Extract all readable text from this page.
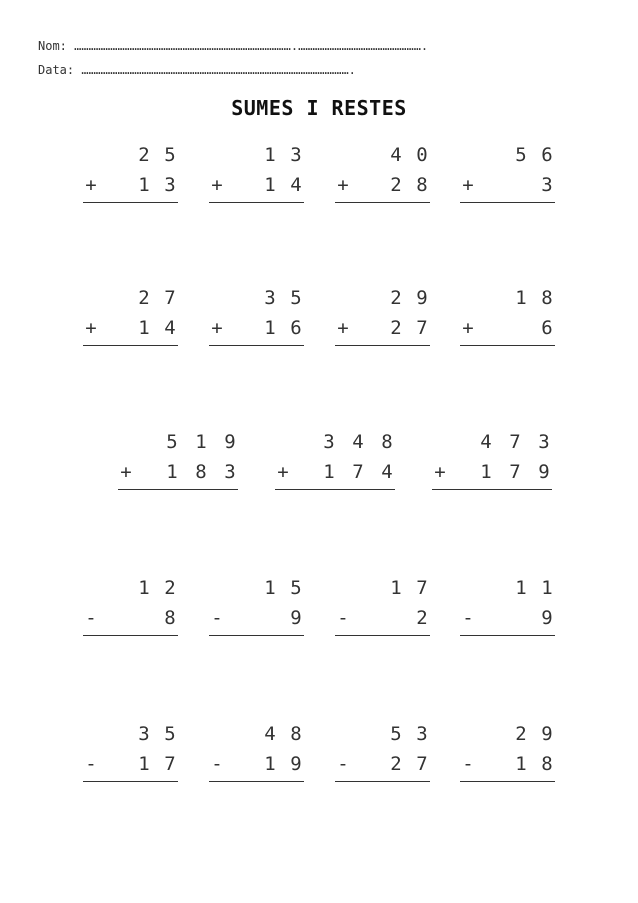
Nom: ……………………………………………………………………………….…………………………………………….
Data: ………………………………………………………………………………………………….
SUMES I RESTES
2 5
+ 1 3
1 3
+ 1 4
4 0
+ 2 8
5 6
+	3
2 7
+ 1 4
3 5
+ 1 6
2 9
+ 2 7
1 8
+	6
5 1 9
+ 1 8 3
3 4 8
+ 1 7 4
4 7 3
+ 1 7 9
1 2
-	8
1 5
-	9
1 7
-	2
1 1
-	9
3 5
- 1 7
4 8
- 1 9
5 3
- 2 7
2 9
- 1 8
